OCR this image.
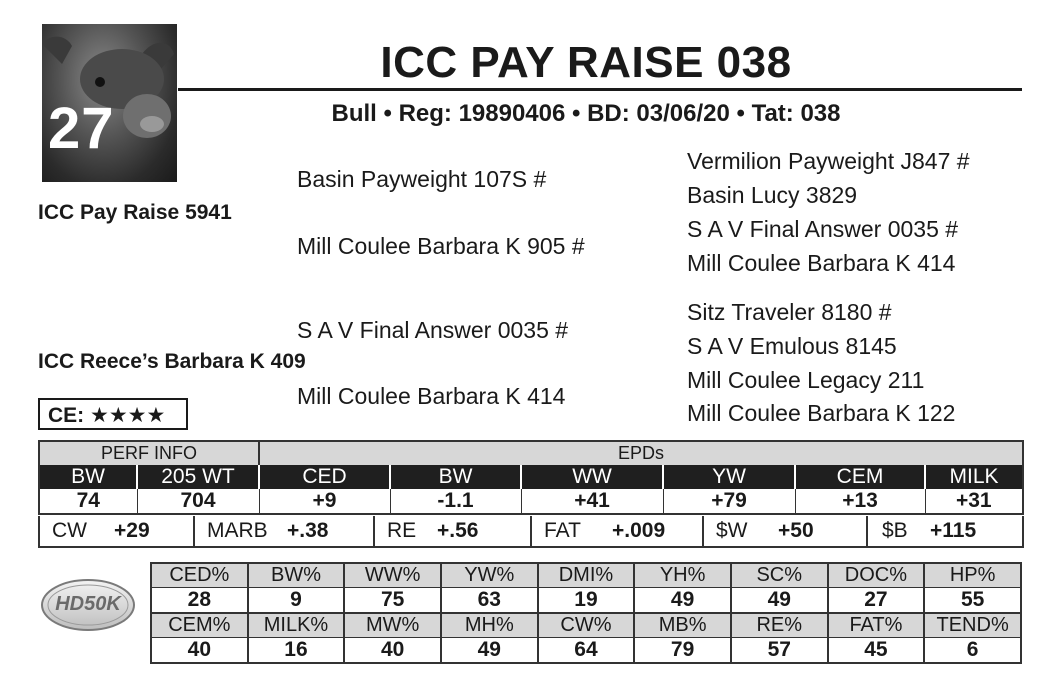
27
ICC PAY RAISE 038
Bull • Reg: 19890406 • BD: 03/06/20 • Tat: 038
ICC Pay Raise 5941
ICC Reece’s Barbara K 409
Basin Payweight 107S #
Mill Coulee Barbara K 905 #
S A V Final Answer 0035 #
Mill Coulee Barbara K 414
Vermilion Payweight J847 #
Basin Lucy 3829
S A V Final Answer 0035 #
Mill Coulee Barbara K 414
Sitz Traveler 8180 #
S A V Emulous 8145
Mill Coulee Legacy 211
Mill Coulee Barbara K 122
CE: ★★★★
PERF INFO		EPDs					
BW	205 WT	CED	BW	WW	YW	CEM	MILK
74	704	+9	-1.1	+41	+79	+13	+31
CW +29	MARB +.38	RE +.56	FAT +.009	$W +50	$B +115
HD50K
CED%	BW%	WW%	YW%	DMI%	YH%	SC%	DOC%	HP%
28	9	75	63	19	49	49	27	55
CEM%	MILK%	MW%	MH%	CW%	MB%	RE%	FAT%	TEND%
40	16	40	49	64	79	57	45	6
